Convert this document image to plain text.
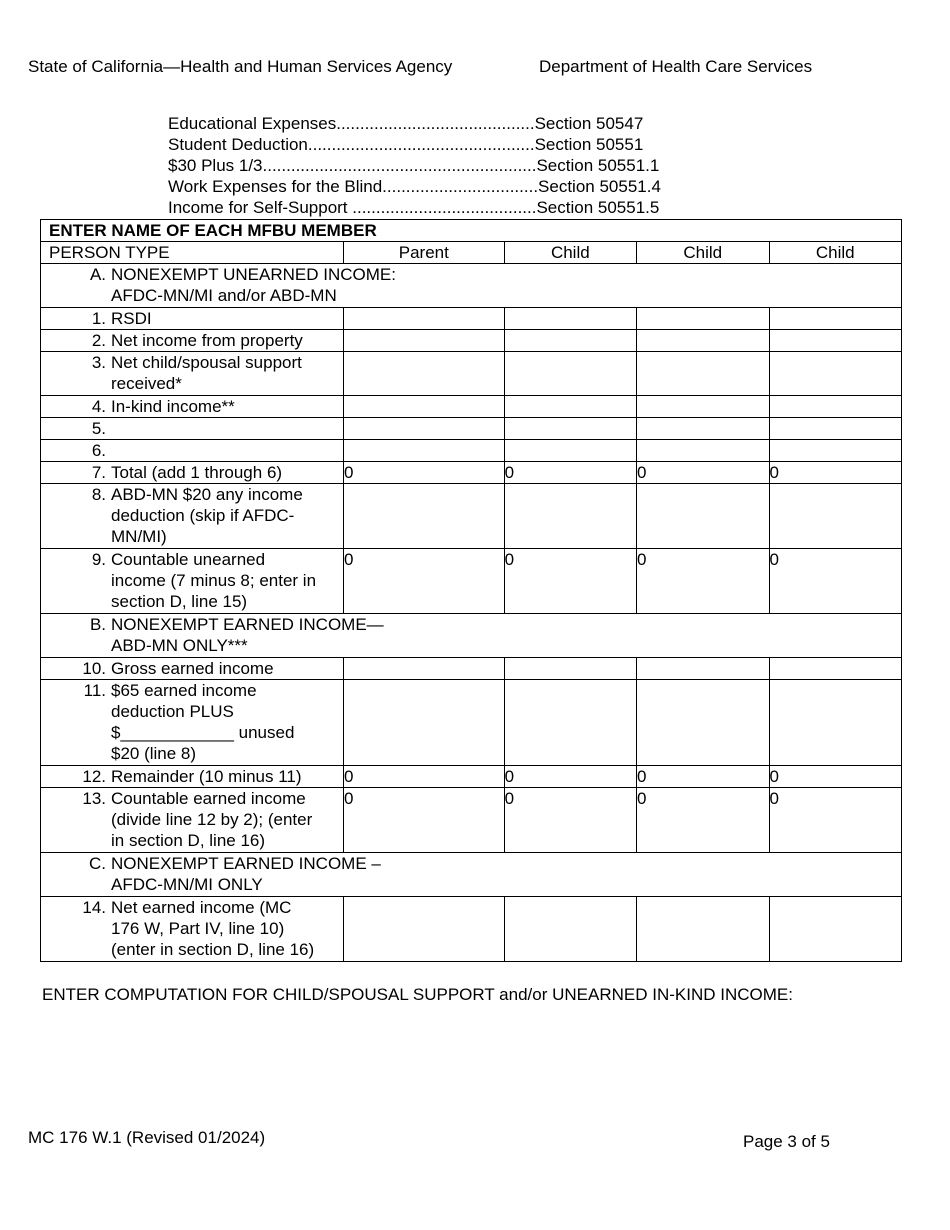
State of California—Health and Human Services Agency	Department of Health Care Services
Educational Expenses..........................................Section 50547
Student Deduction................................................Section 50551
$30 Plus 1/3..........................................................Section 50551.1
Work Expenses for the Blind.................................Section 50551.4
Income for Self-Support .......................................Section 50551.5
ENTER NAME OF EACH MFBU MEMBER				
PERSON TYPE	Parent	Child	Child	Child

A. NONEXEMPT UNEARNED INCOME:
AFDC-MN/MI and/or ABD-MN				

1. RSDI				

2. Net income from property				

3. Net child/spousal support
received*				

4. In-kind income**				

5.				

6.				

7. Total (add 1 through 6)	0	0	0	0

8. ABD-MN $20 any income
deduction (skip if AFDC-
MN/MI)				

9. Countable unearned
income (7 minus 8; enter in
section D, line 15)	0	0	0	0

B. NONEXEMPT EARNED INCOME—
ABD-MN ONLY***				

10. Gross earned income				

11. $65 earned income
deduction PLUS
$____________ unused
$20 (line 8)				

12. Remainder (10 minus 11)	0	0	0	0

13. Countable earned income
(divide line 12 by 2); (enter
in section D, line 16)	0	0	0	0

C. NONEXEMPT EARNED INCOME –
AFDC-MN/MI ONLY				

14. Net earned income (MC
176 W, Part IV, line 10)
(enter in section D, line 16)				

ENTER COMPUTATION FOR CHILD/SPOUSAL SUPPORT and/or UNEARNED IN-KIND INCOME:
MC 176 W.1 (Revised 01/2024)	Page 3 of 5
